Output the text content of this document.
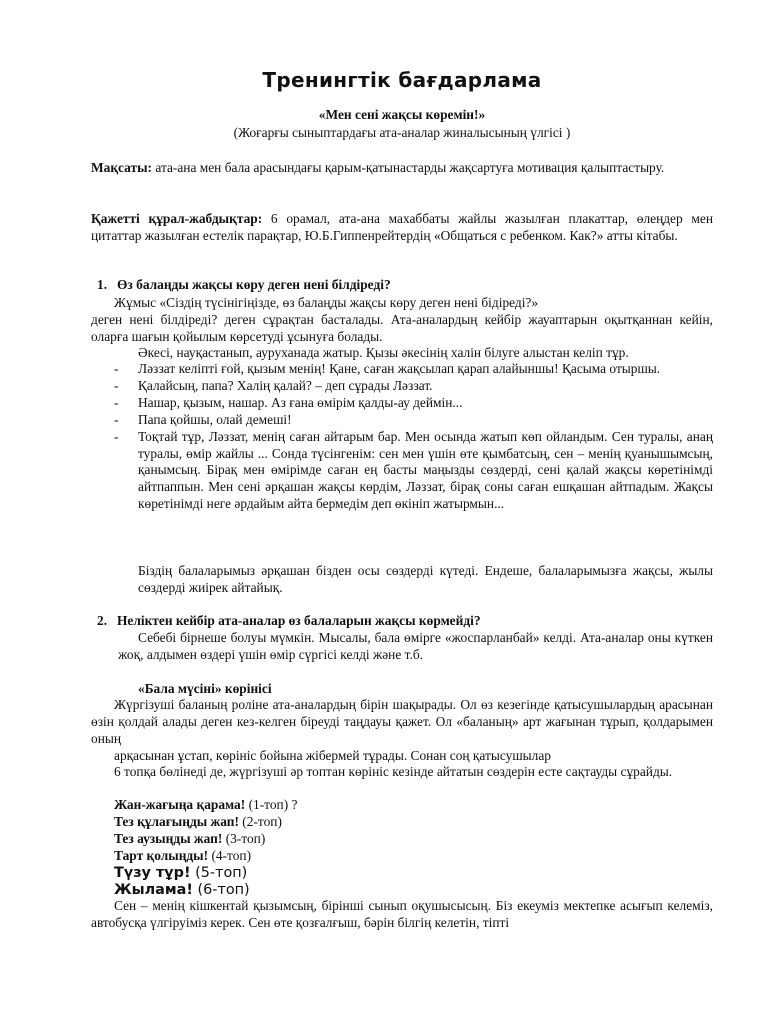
Тренингтік бағдарлама
«Мен сені жақсы көремін!»
(Жоғарғы сыныптардағы ата-аналар жиналысының үлгісі )
Мақсаты: ата-ана мен бала арасындағы қарым-қатынастарды жақсартуға мотивация қалыптастыру.
Қажетті құрал-жабдықтар: 6 орамал, ата-ана махаббаты жайлы жазылған плакаттар, өлеңдер мен цитаттар жазылған естелік парақтар, Ю.Б.Гиппенрейтердің «Общаться с ребенком. Как?» атты кітабы.
1. Өз балаңды жақсы көру деген нені білдіреді?
Жұмыс «Сіздің түсінігіңізде, өз балаңды жақсы көру деген нені бідіреді?»
деген нені білдіреді? деген сұрақтан басталады. Ата-аналардың кейбір жауаптарын оқытқаннан кейін, оларға шағын қойылым көрсетуді ұсынуға болады.
Әкесі, науқастанып, ауруханада жатыр. Қызы әкесінің халін білуге алыстан келіп тұр.
- Ләззат келіпті ғой, қызым менің! Қане, саған жақсылап қарап алайыншы! Қасыма отыршы.
- Қалайсың, папа? Халің қалай? – деп сұрады Ләззат.
- Нашар, қызым, нашар. Аз ғана өмірім қалды-ау деймін...
- Папа қойшы, олай демеші!
- Тоқтай тұр, Ләззат, менің саған айтарым бар. Мен осында жатып көп ойландым. Сен туралы, анаң туралы, өмір жайлы ... Сонда түсінгенім: сен мен үшін өте қымбатсың, сен – менің қуанышымсың, қанымсың. Бірақ мен өмірімде саған ең басты маңызды сөздерді, сені қалай жақсы көретінімді айтпаппын. Мен сені әрқашан жақсы көрдім, Ләззат, бірақ соны саған ешқашан айтпадым. Жақсы көретінімді неге әрдайым айта бермедім деп өкініп жатырмын...
Біздің балаларымыз әрқашан бізден осы сөздерді күтеді. Ендеше, балаларымызға жақсы, жылы сөздерді жиірек айтайық.
2. Неліктен кейбір ата-аналар өз балаларын жақсы көрмейді?
Себебі бірнеше болуы мүмкін. Мысалы, бала өмірге «жоспарланбай» келді. Ата-аналар оны күткен жоқ, алдымен өздері үшін өмір сүргісі келді және т.б.
«Бала мүсіні» көрінісі
Жүргізуші баланың роліне ата-аналардың бірін шақырады. Ол өз кезегінде қатысушылардың арасынан өзін қолдай алады деген кез-келген біреуді таңдауы қажет. Ол «баланың» арт жағынан тұрып, қолдарымен оның
арқасынан ұстап, көрініс бойына жібермей тұрады. Сонан соң қатысушылар
6 топқа бөлінеді де, жүргізуші әр топтан көрініс кезінде айтатын сөздерін есте сақтауды сұрайды.
Жан-жағыңа қарама! (1-топ) ?
Тез құлағыңды жап! (2-топ)
Тез аузыңды жап! (3-топ)
Тарт қолыңды! (4-топ)
Түзу тұр! (5-топ)
Жылама! (6-топ)
Сен – менің кішкентай қызымсың, бірінші сынып оқушысысың. Біз екеуміз мектепке асығып келеміз, автобусқа үлгіруіміз керек. Сен өте қозғалғыш, бәрін білгің келетін, тіпті
